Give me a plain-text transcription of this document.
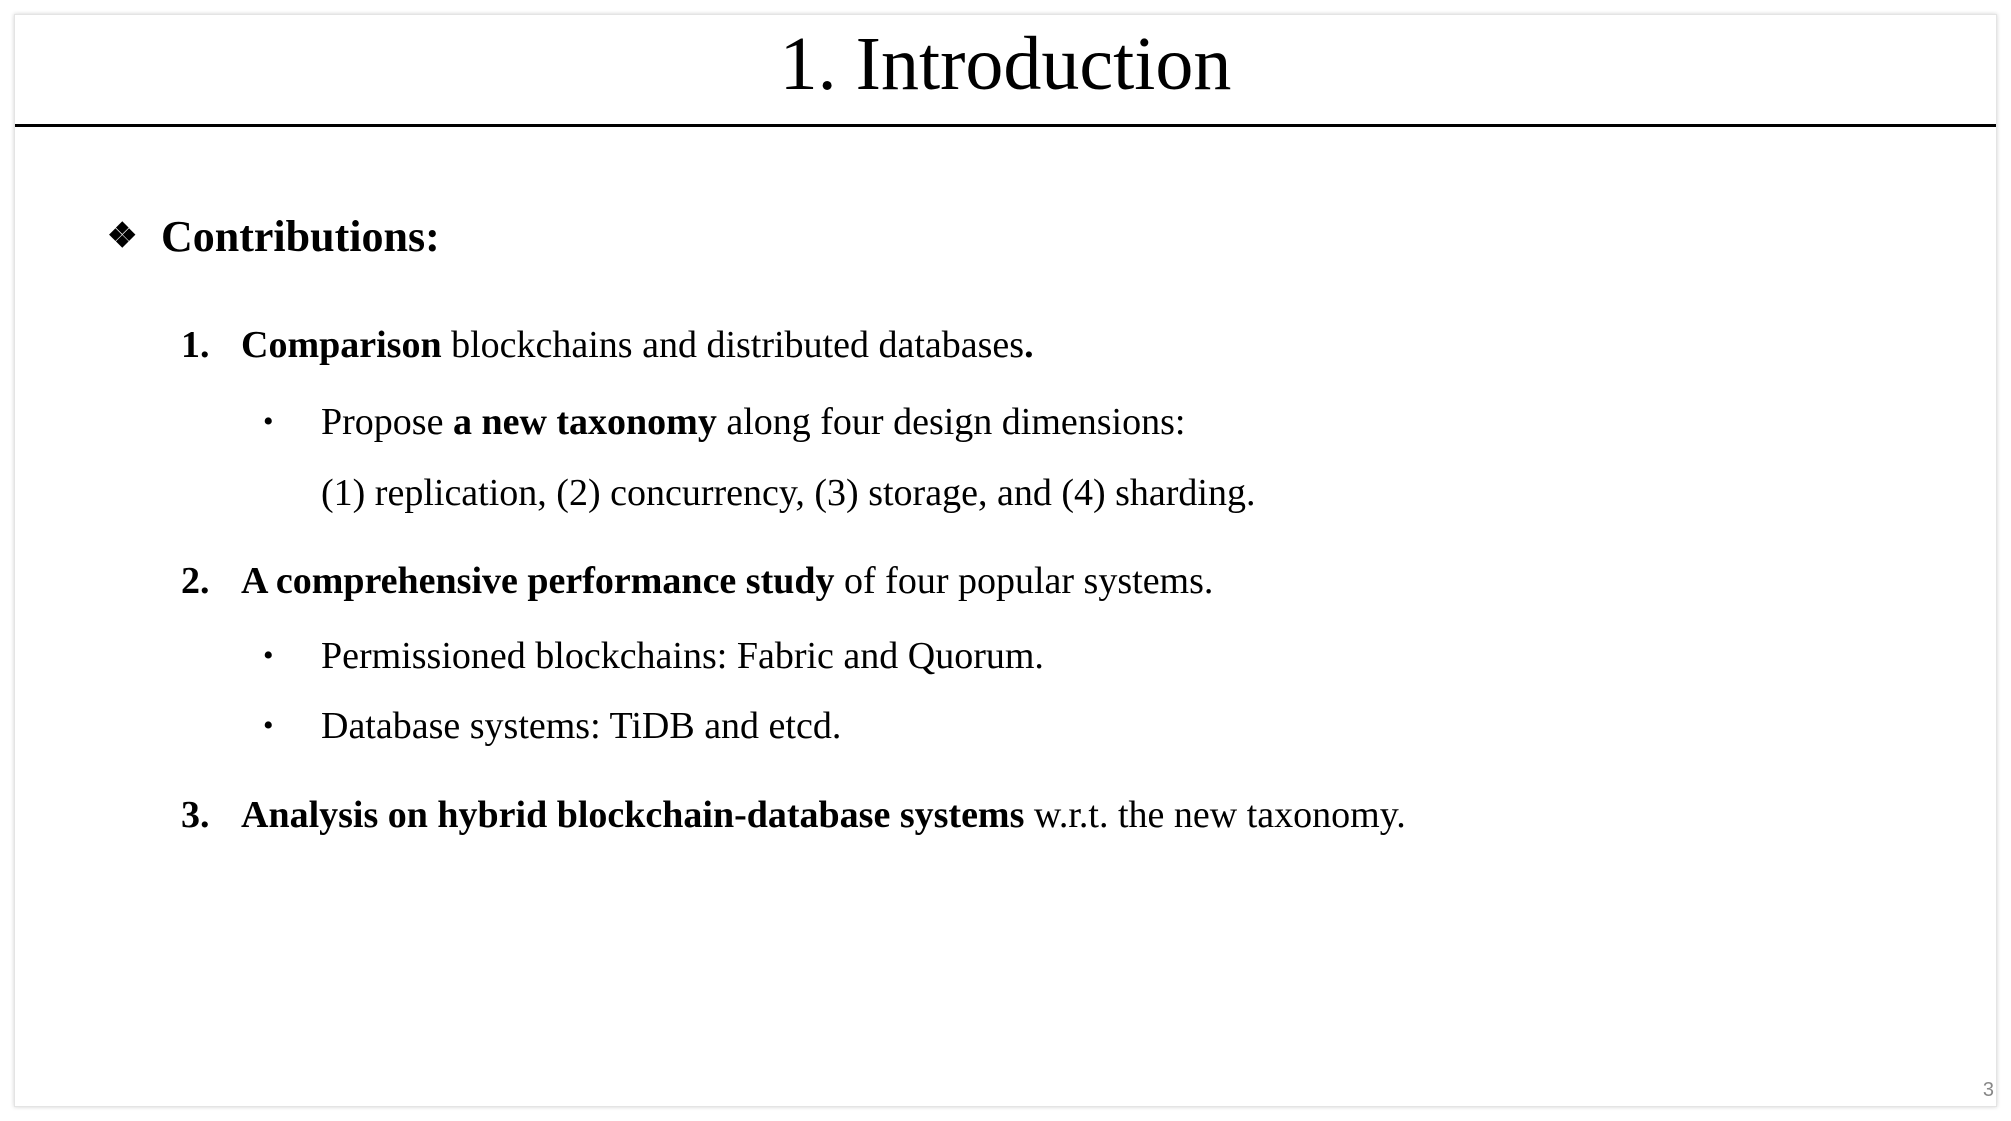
1. Introduction
❖ Contributions:
1. Comparison blockchains and distributed databases.
• Propose a new taxonomy along four design dimensions:
(1) replication, (2) concurrency, (3) storage, and (4) sharding.
2. A comprehensive performance study of four popular systems.
• Permissioned blockchains: Fabric and Quorum.
• Database systems: TiDB and etcd.
3. Analysis on hybrid blockchain-database systems w.r.t. the new taxonomy.
3
